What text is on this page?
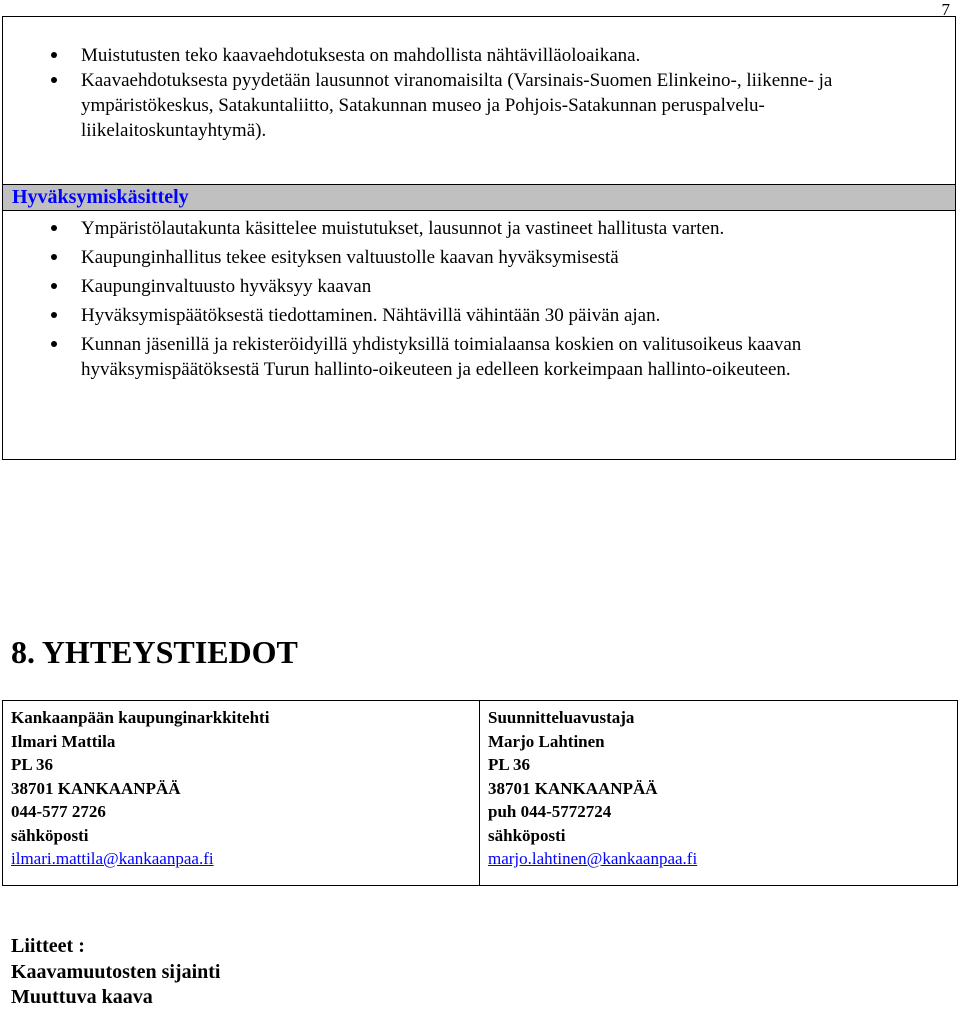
7
Muistutusten teko kaavaehdotuksesta on mahdollista nähtävilläoloaikana.
Kaavaehdotuksesta pyydetään lausunnot viranomaisilta (Varsinais-Suomen Elinkeino-, liikenne- ja ympäristökeskus, Satakuntaliitto, Satakunnan museo ja Pohjois-Satakunnan peruspalvelu-liikelaitoskuntayhtymä).
Hyväksymiskäsittely
Ympäristölautakunta käsittelee muistutukset, lausunnot ja vastineet hallitusta varten.
Kaupunginhallitus tekee esityksen valtuustolle kaavan hyväksymisestä
Kaupunginvaltuusto hyväksyy kaavan
Hyväksymispäätöksestä tiedottaminen. Nähtävillä vähintään 30 päivän ajan.
Kunnan jäsenillä ja rekisteröidyillä yhdistyksillä toimialaansa koskien on valitusoikeus kaavan hyväksymispäätöksestä Turun hallinto-oikeuteen ja edelleen korkeimpaan hallinto-oikeuteen.
8. YHTEYSTIEDOT
Kankaanpään kaupunginarkkitehti
Ilmari Mattila
PL 36
38701 KANKAANPÄÄ
044-577 2726
sähköposti
ilmari.mattila@kankaanpaa.fi
Suunnitteluavustaja
Marjo Lahtinen
PL 36
38701 KANKAANPÄÄ
puh 044-5772724
sähköposti
marjo.lahtinen@kankaanpaa.fi
Liitteet :
Kaavamuutosten sijainti
Muuttuva kaava
